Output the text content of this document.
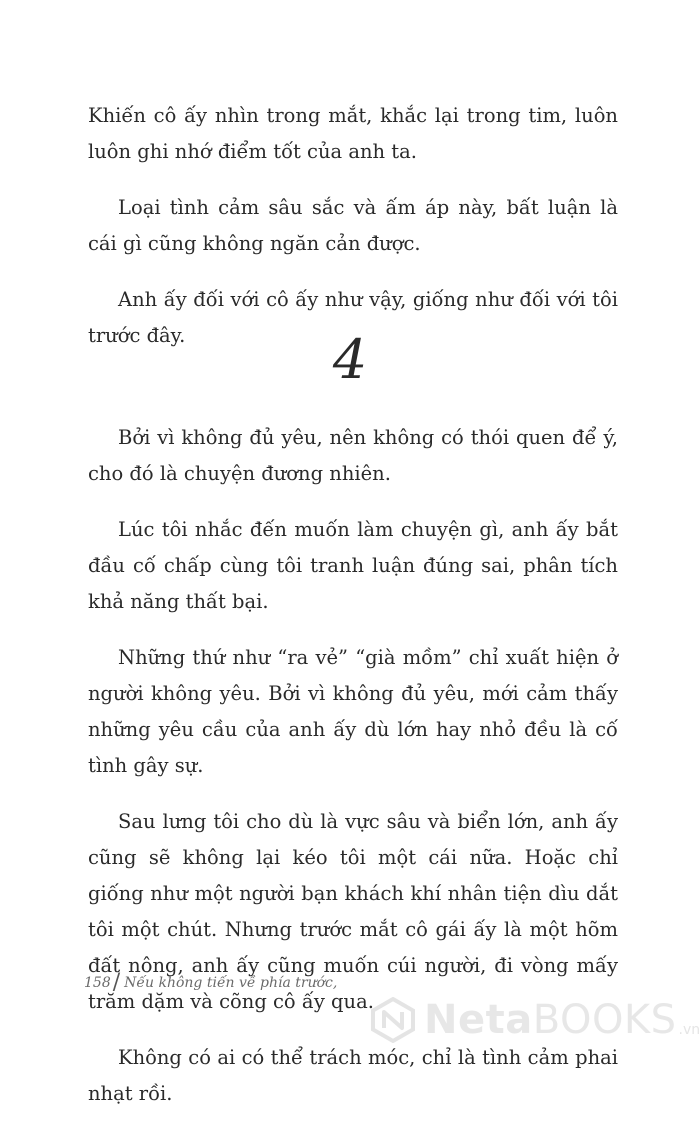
Khiến cô ấy nhìn trong mắt, khắc lại trong tim, luôn luôn ghi nhớ điểm tốt của anh ta.

Loại tình cảm sâu sắc và ấm áp này, bất luận là cái gì cũng không ngăn cản được.

Anh ấy đối với cô ấy như vậy, giống như đối với tôi trước đây.	4

Bởi vì không đủ yêu, nên không có thói quen để ý, cho đó là chuyện đương nhiên.

Lúc tôi nhắc đến muốn làm chuyện gì, anh ấy bắt đầu cố chấp cùng tôi tranh luận đúng sai, phân tích khả năng thất bại.

Những thứ như “ra vẻ” “già mồm” chỉ xuất hiện ở người không yêu. Bởi vì không đủ yêu, mới cảm thấy những yêu cầu của anh ấy dù lớn hay nhỏ đều là cố tình gây sự.

Sau lưng tôi cho dù là vực sâu và biển lớn, anh ấy cũng sẽ không lại kéo tôi một cái nữa. Hoặc chỉ giống như một người bạn khách khí nhân tiện dìu dắt tôi một chút. Nhưng trước mắt cô gái ấy là một hõm đất nông, anh ấy cũng muốn cúi người, đi vòng mấy trăm dặm và cõng cô ấy qua.

Không có ai có thể trách móc, chỉ là tình cảm phai nhạt rồi.

158/ Nếu không tiến về phía trước,
NetaBOOKS .vn
